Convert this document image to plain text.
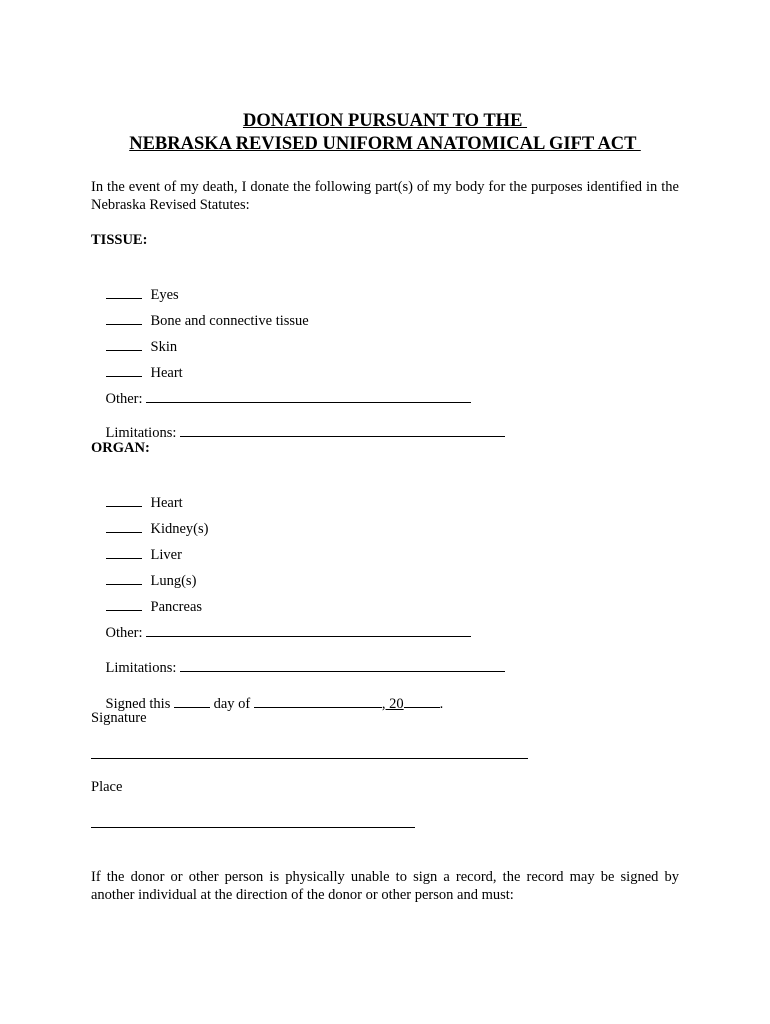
DONATION PURSUANT TO THE
NEBRASKA REVISED UNIFORM ANATOMICAL GIFT ACT
In the event of my death, I donate the following part(s) of my body for the purposes identified in the Nebraska Revised Statutes:
TISSUE:

Eyes

Bone and connective tissue

Skin

Heart

Other:

Limitations:

ORGAN:

Heart

Kidney(s)

Liver

Lung(s)

Pancreas

Other:

Limitations:

Signed this	day of	, 20 .

Signature
Place
If the donor or other person is physically unable to sign a record, the record may be signed by another individual at the direction of the donor or other person and must:
